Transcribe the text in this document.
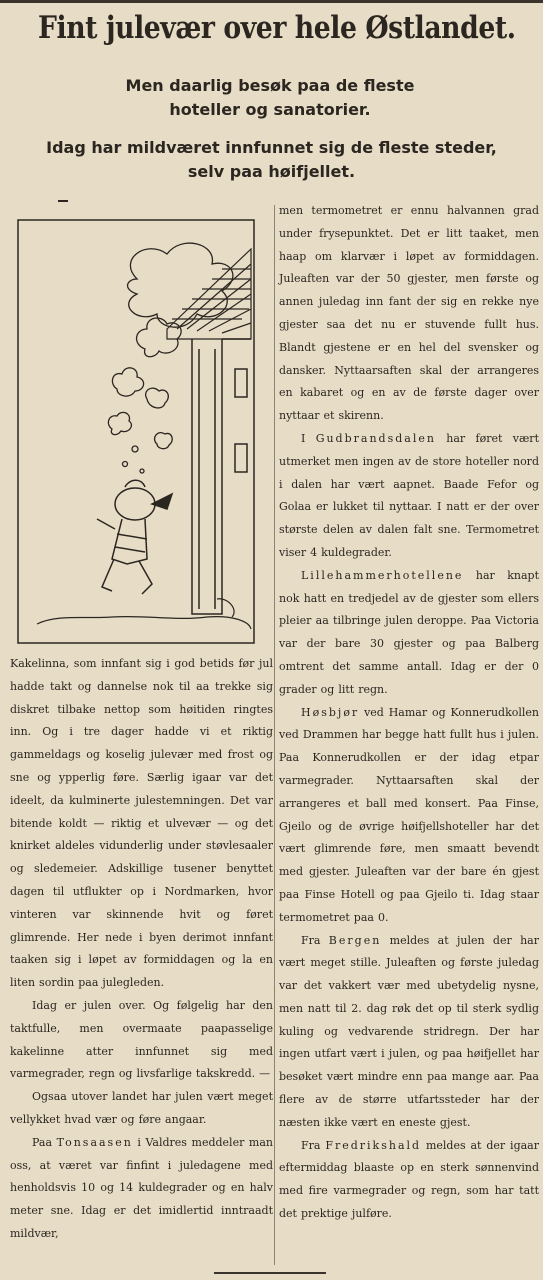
Fint julevær over hele Østlandet.
Men daarlig besøk paa de fleste
hoteller og sanatorier.
Idag har mildværet innfunnet sig de fleste steder,
selv paa høifjellet.

Kakelinna, som innfant sig i god betids før jul hadde takt og dannelse nok til aa trekke sig diskret tilbake nettop som høitiden ringtes inn. Og i tre dager hadde vi et riktig gammeldags og koselig julevær med frost og sne og ypperlig føre. Særlig igaar var det ideelt, da kulminerte julestemningen. Det var bitende koldt — riktig et ulvevær — og det knirket aldeles vidunderlig under støvlesaaler og sledemeier. Adskillige tusener benyttet dagen til utflukter op i Nordmarken, hvor vinteren var skinnende hvit og føret glimrende. Her nede i byen derimot innfant taaken sig i løpet av formiddagen og la en liten sordin paa julegleden.

Idag er julen over. Og følgelig har den taktfulle, men overmaate paapasselige kakelinne atter innfunnet sig med varmegrader, regn og livsfarlige takskredd. —

Ogsaa utover landet har julen vært meget vellykket hvad vær og føre angaar.

Paa Tonsaasen i Valdres meddeler man oss, at været var finfint i juledagene med henholdsvis 10 og 14 kuldegrader og en halv meter sne. Idag er det imidlertid inntraadt mildvær,

men termometret er ennu halvannen grad under frysepunktet. Det er litt taaket, men haap om klarvær i løpet av formiddagen. Juleaften var der 50 gjester, men første og annen juledag inn fant der sig en rekke nye gjester saa det nu er stuvende fullt hus. Blandt gjestene er en hel del svensker og dansker. Nyttaarsaften skal der arrangeres en kabaret og en av de første dager over nyttaar et skirenn.

I Gudbrandsdalen har føret vært utmerket men ingen av de store hoteller nord i dalen har vært aapnet. Baade Fefor og Golaa er lukket til nyttaar. I natt er der over største delen av dalen falt sne. Termometret viser 4 kuldegrader.

Lillehammerhotellene har knapt nok hatt en tredjedel av de gjester som ellers pleier aa tilbringe julen deroppe. Paa Victoria var der bare 30 gjester og paa Balberg omtrent det samme antall. Idag er der 0 grader og litt regn.

Høsbjør ved Hamar og Konnerudkollen ved Drammen har begge hatt fullt hus i julen. Paa Konnerudkollen er der idag etpar varmegrader. Nyttaarsaften skal der arrangeres et ball med konsert. Paa Finse, Gjeilo og de øvrige høifjellshoteller har det vært glimrende føre, men smaatt bevendt med gjester. Juleaften var der bare én gjest paa Finse Hotell og paa Gjeilo ti. Idag staar termometret paa 0.

Fra Bergen meldes at julen der har vært meget stille. Juleaften og første juledag var det vakkert vær med ubetydelig nysne, men natt til 2. dag røk det op til sterk sydlig kuling og vedvarende stridregn. Der har ingen utfart vært i julen, og paa høifjellet har besøket vært mindre enn paa mange aar. Paa flere av de større utfartssteder har der næsten ikke vært en eneste gjest.

Fra Fredrikshald meldes at der igaar eftermiddag blaaste op en sterk sønnenvind med fire varmegrader og regn, som har tatt det prektige julføre.
